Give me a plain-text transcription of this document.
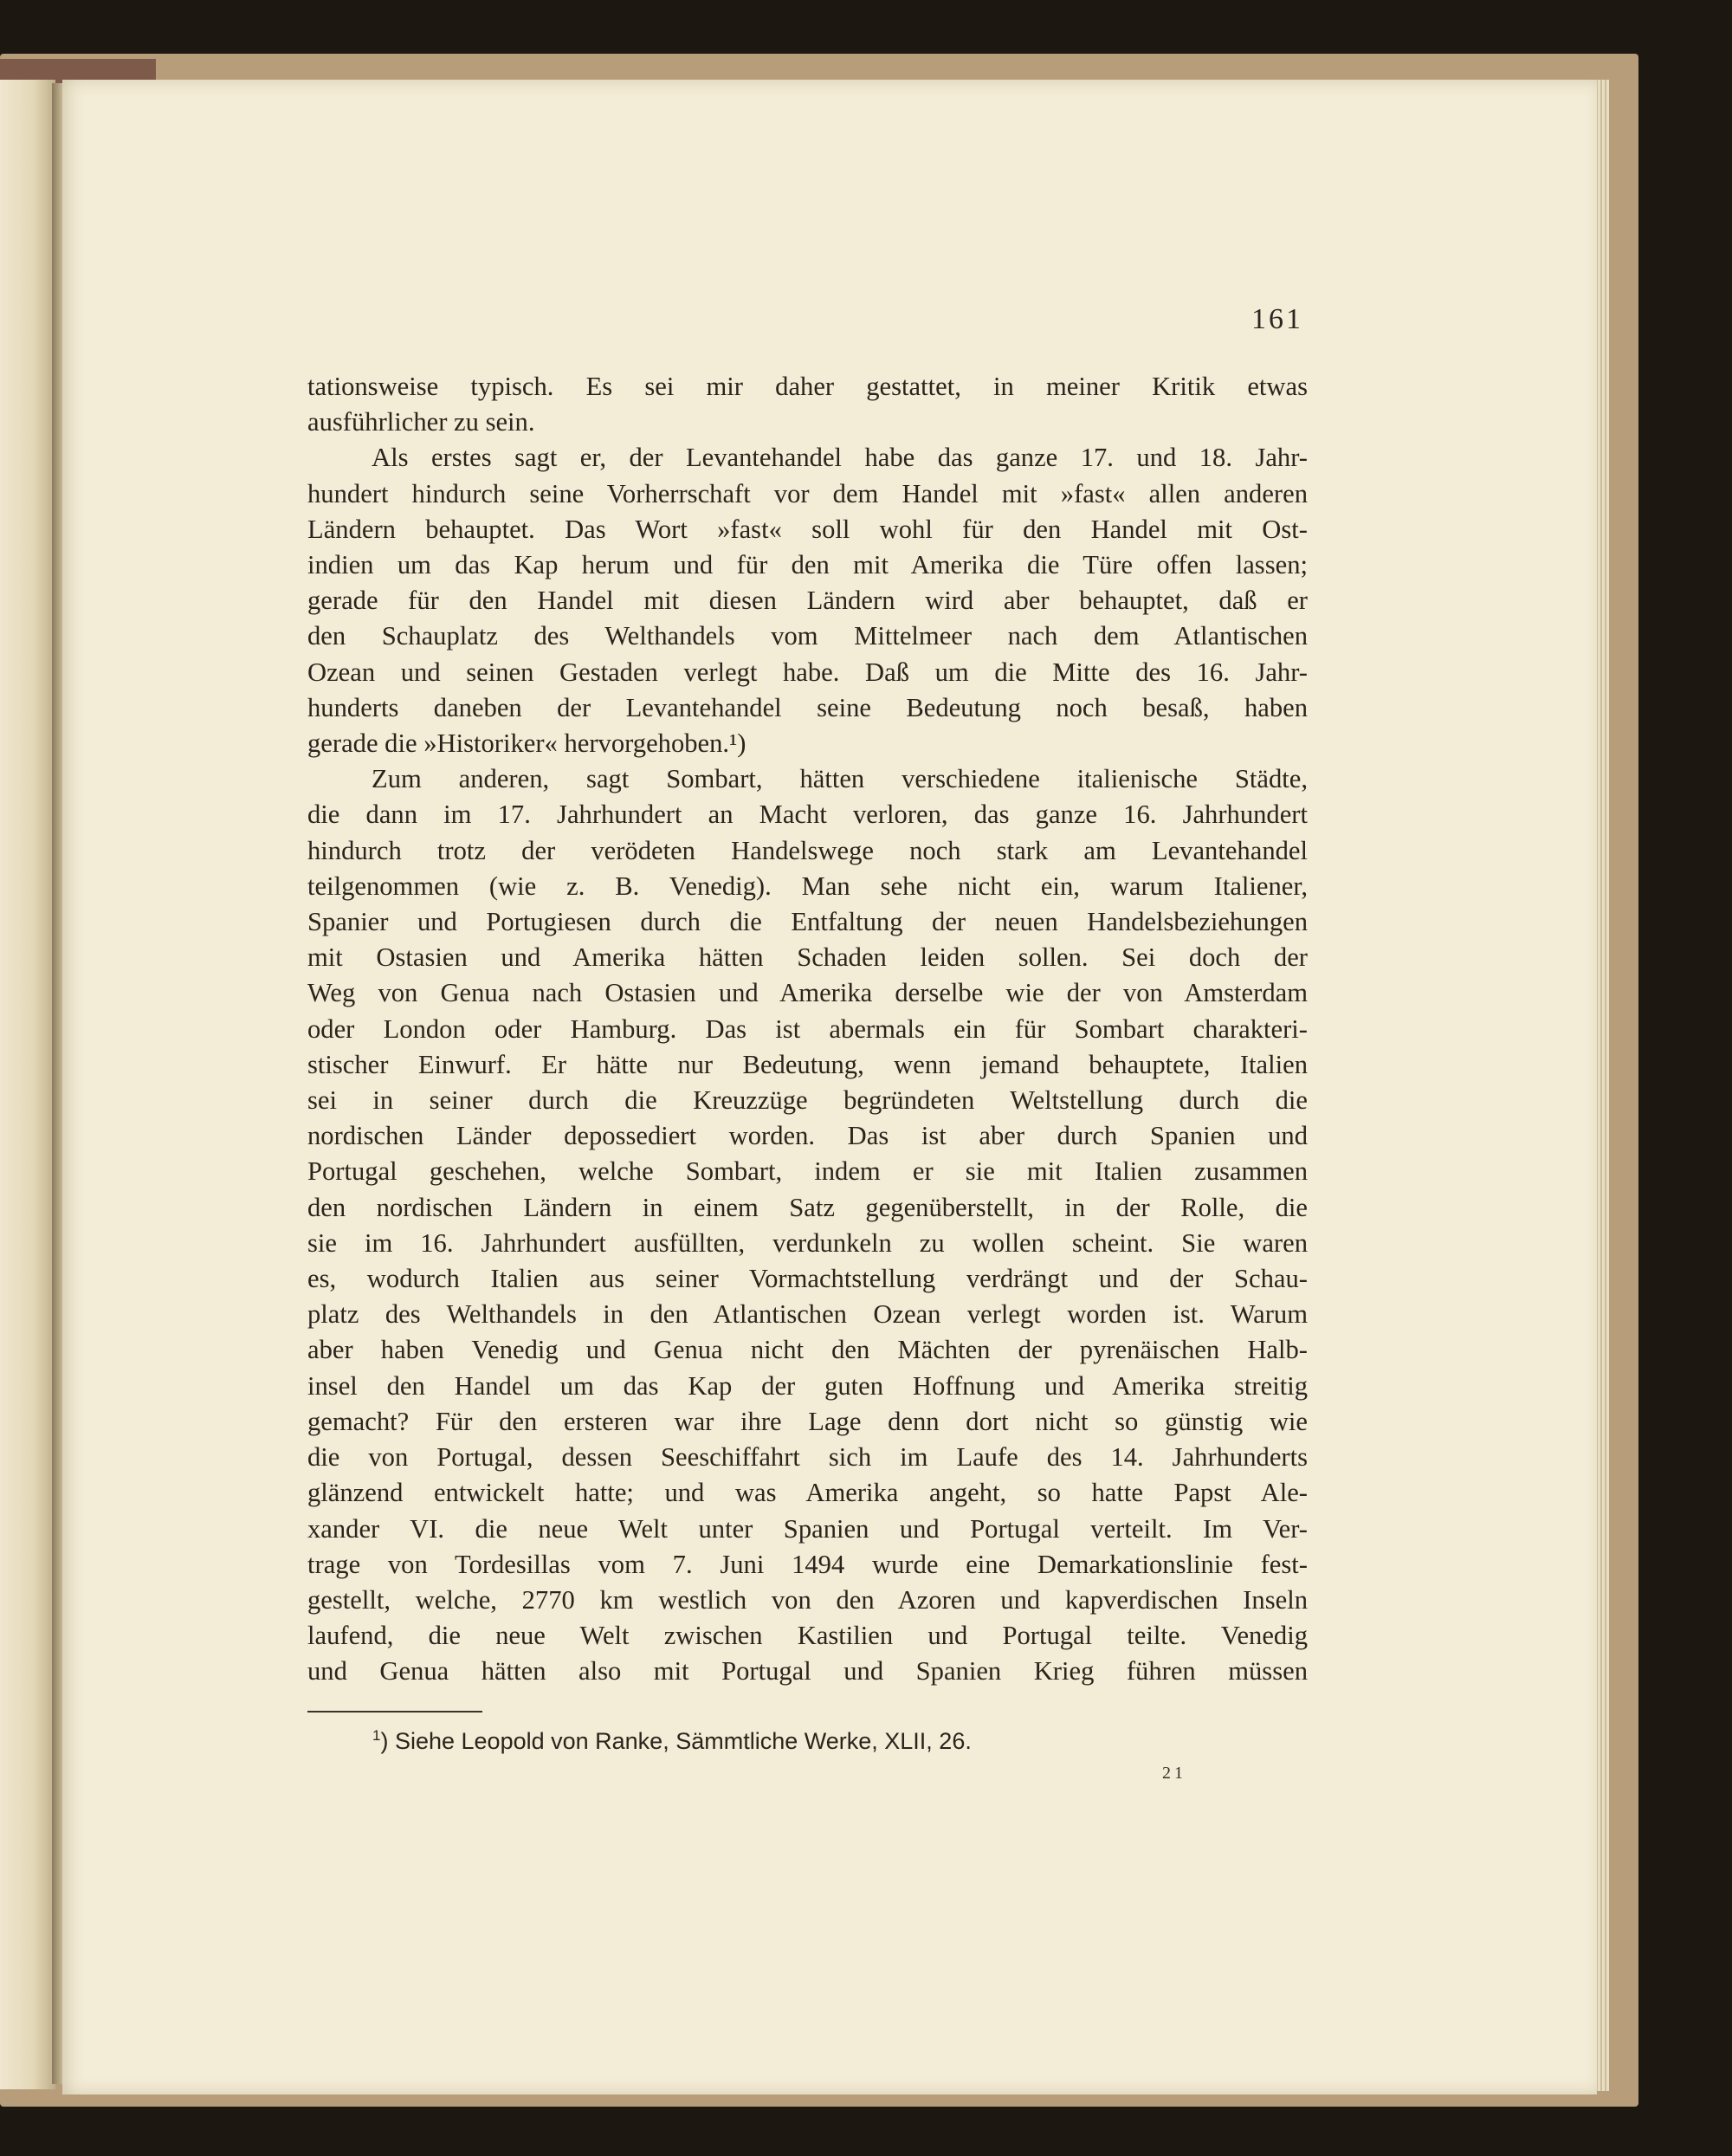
161
tationsweise typisch. Es sei mir daher gestattet, in meiner Kritik etwas
ausführlicher zu sein.
Als erstes sagt er, der Levantehandel habe das ganze 17. und 18. Jahr-
hundert hindurch seine Vorherrschaft vor dem Handel mit »fast« allen anderen
Ländern behauptet. Das Wort »fast« soll wohl für den Handel mit Ost-
indien um das Kap herum und für den mit Amerika die Türe offen lassen;
gerade für den Handel mit diesen Ländern wird aber behauptet, daß er
den Schauplatz des Welthandels vom Mittelmeer nach dem Atlantischen
Ozean und seinen Gestaden verlegt habe. Daß um die Mitte des 16. Jahr-
hunderts daneben der Levantehandel seine Bedeutung noch besaß, haben
gerade die »Historiker« hervorgehoben.¹)
Zum anderen, sagt Sombart, hätten verschiedene italienische Städte,
die dann im 17. Jahrhundert an Macht verloren, das ganze 16. Jahrhundert
hindurch trotz der verödeten Handelswege noch stark am Levantehandel
teilgenommen (wie z. B. Venedig). Man sehe nicht ein, warum Italiener,
Spanier und Portugiesen durch die Entfaltung der neuen Handelsbeziehungen
mit Ostasien und Amerika hätten Schaden leiden sollen. Sei doch der
Weg von Genua nach Ostasien und Amerika derselbe wie der von Amsterdam
oder London oder Hamburg. Das ist abermals ein für Sombart charakteri-
stischer Einwurf. Er hätte nur Bedeutung, wenn jemand behauptete, Italien
sei in seiner durch die Kreuzzüge begründeten Weltstellung durch die
nordischen Länder depossediert worden. Das ist aber durch Spanien und
Portugal geschehen, welche Sombart, indem er sie mit Italien zusammen
den nordischen Ländern in einem Satz gegenüberstellt, in der Rolle, die
sie im 16. Jahrhundert ausfüllten, verdunkeln zu wollen scheint. Sie waren
es, wodurch Italien aus seiner Vormachtstellung verdrängt und der Schau-
platz des Welthandels in den Atlantischen Ozean verlegt worden ist. Warum
aber haben Venedig und Genua nicht den Mächten der pyrenäischen Halb-
insel den Handel um das Kap der guten Hoffnung und Amerika streitig
gemacht? Für den ersteren war ihre Lage denn dort nicht so günstig wie
die von Portugal, dessen Seeschiffahrt sich im Laufe des 14. Jahrhunderts
glänzend entwickelt hatte; und was Amerika angeht, so hatte Papst Ale-
xander VI. die neue Welt unter Spanien und Portugal verteilt. Im Ver-
trage von Tordesillas vom 7. Juni 1494 wurde eine Demarkationslinie fest-
gestellt, welche, 2770 km westlich von den Azoren und kapverdischen Inseln
laufend, die neue Welt zwischen Kastilien und Portugal teilte. Venedig
und Genua hätten also mit Portugal und Spanien Krieg führen müssen
$^1$) Siehe Leopold von Ranke, Sämmtliche Werke, XLII, 26.
21
